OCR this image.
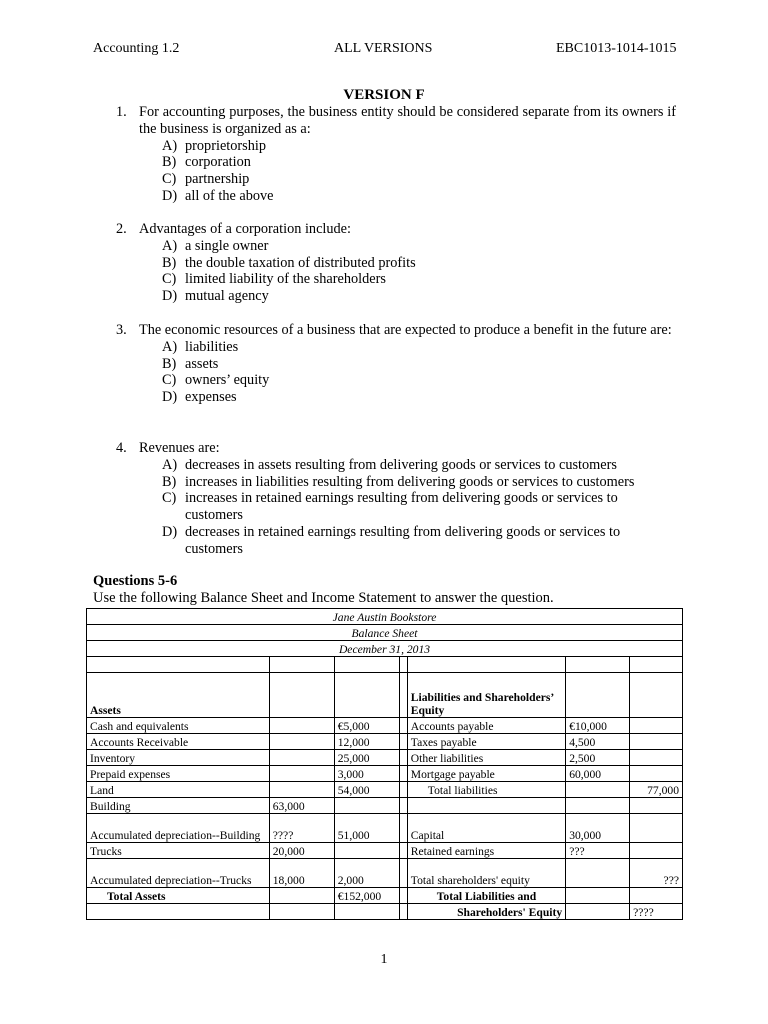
Accounting 1.2	ALL VERSIONS	EBC1013-1014-1015
VERSION F
1. For accounting purposes, the business entity should be considered separate from its owners if the business is organized as a:
A) proprietorship
B) corporation
C) partnership
D) all of the above
2. Advantages of a corporation include:
A) a single owner
B) the double taxation of distributed profits
C) limited liability of the shareholders
D) mutual agency
3. The economic resources of a business that are expected to produce a benefit in the future are:
A) liabilities
B) assets
C) owners’ equity
D) expenses
4. Revenues are:
A) decreases in assets resulting from delivering goods or services to customers
B) increases in liabilities resulting from delivering goods or services to customers
C) increases in retained earnings resulting from delivering goods or services to customers
D) decreases in retained earnings resulting from delivering goods or services to customers
Questions 5-6
Use the following Balance Sheet and Income Statement to answer the question.
Jane Austin Bookstore						
Balance Sheet						
December 31, 2013						

Assets				Liabilities and Shareholders’ Equity		
Cash and equivalents		€5,000		Accounts payable	€10,000	
Accounts Receivable		12,000		Taxes payable	4,500	
Inventory		25,000		Other liabilities	2,500	
Prepaid expenses		3,000		Mortgage payable	60,000	
Land		54,000		Total liabilities		77,000
Building	63,000					
Accumulated depreciation--Building	????	51,000		Capital	30,000	
Trucks	20,000			Retained earnings	???	
Accumulated depreciation--Trucks	18,000	2,000		Total shareholders' equity		???
Total Assets		€152,000		Total Liabilities and		
				Shareholders' Equity		????
1
